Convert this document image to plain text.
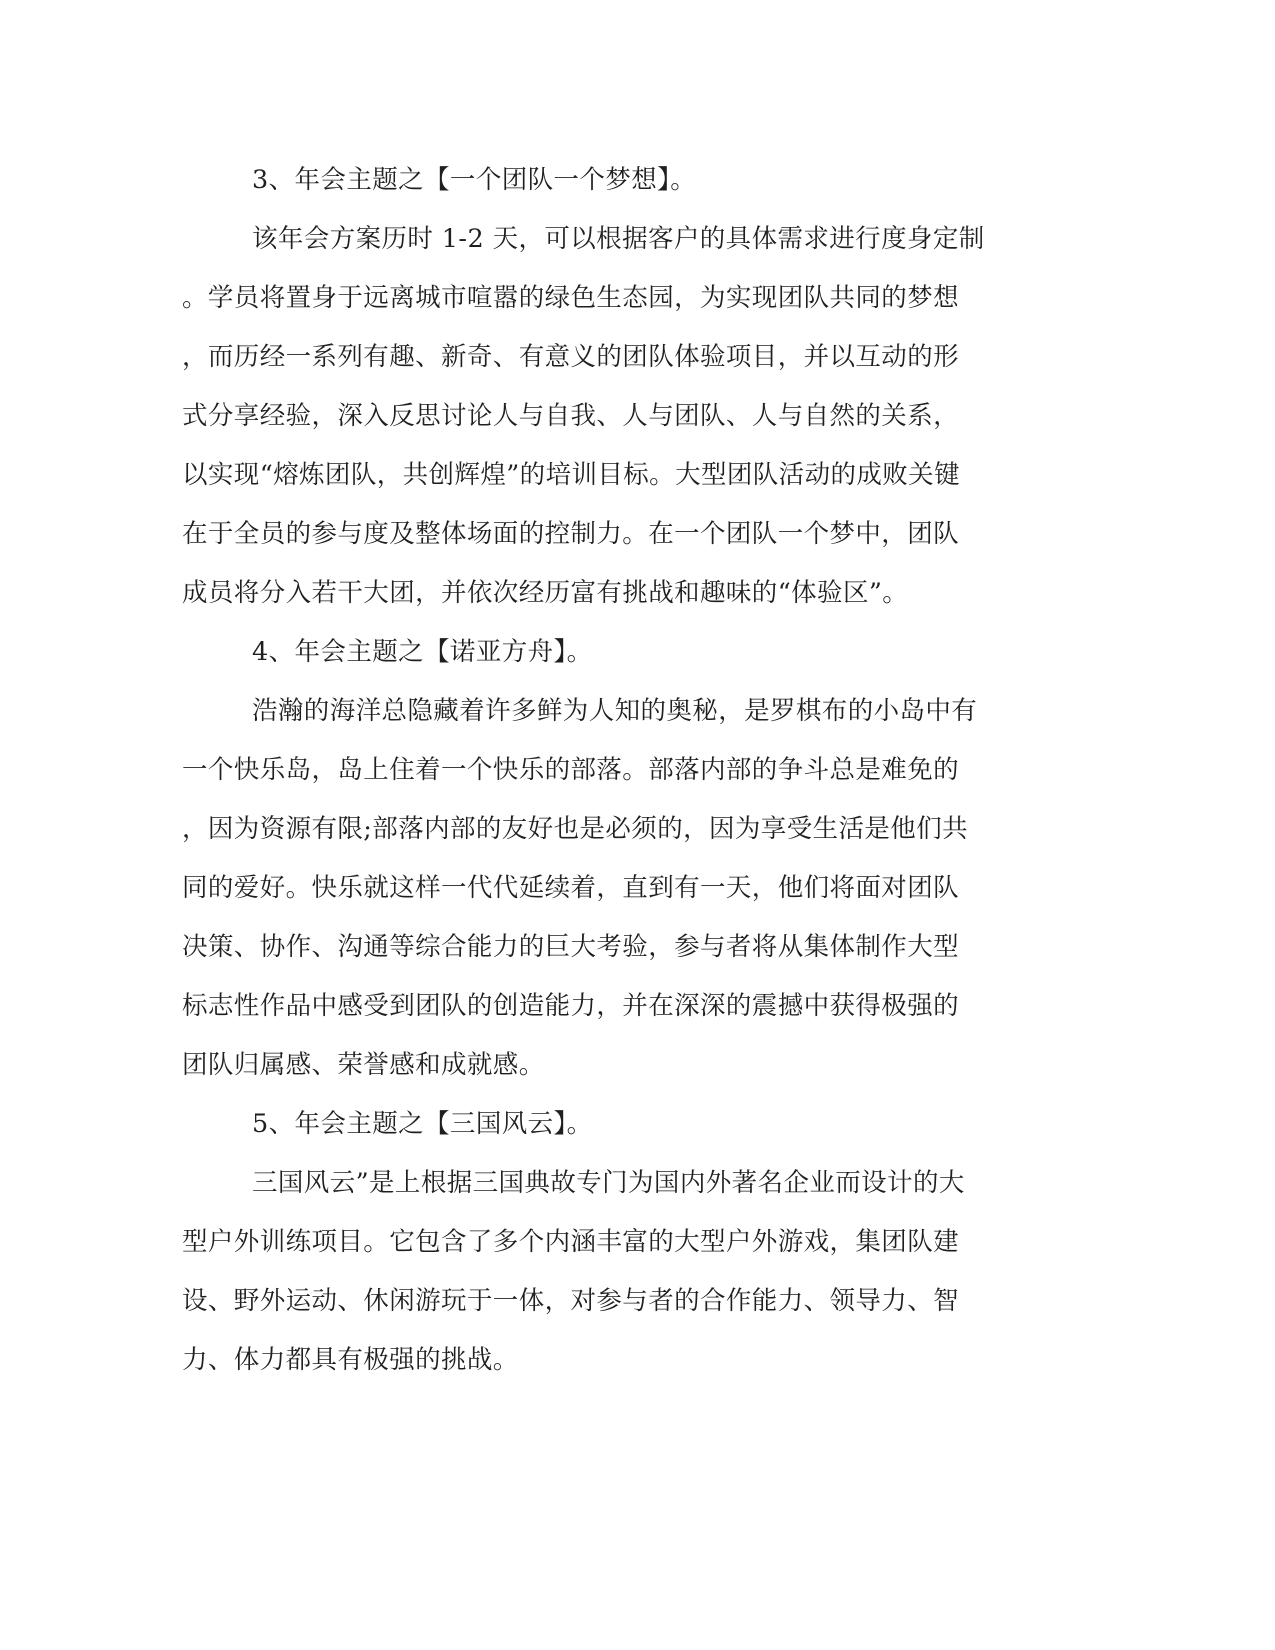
3、年会主题之【一个团队一个梦想】。
该年会方案历时 1-2 天，可以根据客户的具体需求进行度身定制
。学员将置身于远离城市喧嚣的绿色生态园，为实现团队共同的梦想
，而历经一系列有趣、新奇、有意义的团队体验项目，并以互动的形
式分享经验，深入反思讨论人与自我、人与团队、人与自然的关系，
以实现“熔炼团队，共创辉煌”的培训目标。大型团队活动的成败关键
在于全员的参与度及整体场面的控制力。在一个团队一个梦中，团队
成员将分入若干大团，并依次经历富有挑战和趣味的“体验区”。
4、年会主题之【诺亚方舟】。
浩瀚的海洋总隐藏着许多鲜为人知的奥秘，是罗棋布的小岛中有
一个快乐岛，岛上住着一个快乐的部落。部落内部的争斗总是难免的
，因为资源有限;部落内部的友好也是必须的，因为享受生活是他们共
同的爱好。快乐就这样一代代延续着，直到有一天，他们将面对团队
决策、协作、沟通等综合能力的巨大考验，参与者将从集体制作大型
标志性作品中感受到团队的创造能力，并在深深的震撼中获得极强的
团队归属感、荣誉感和成就感。
5、年会主题之【三国风云】。
三国风云”是上根据三国典故专门为国内外著名企业而设计的大
型户外训练项目。它包含了多个内涵丰富的大型户外游戏，集团队建
设、野外运动、休闲游玩于一体，对参与者的合作能力、领导力、智
力、体力都具有极强的挑战。
